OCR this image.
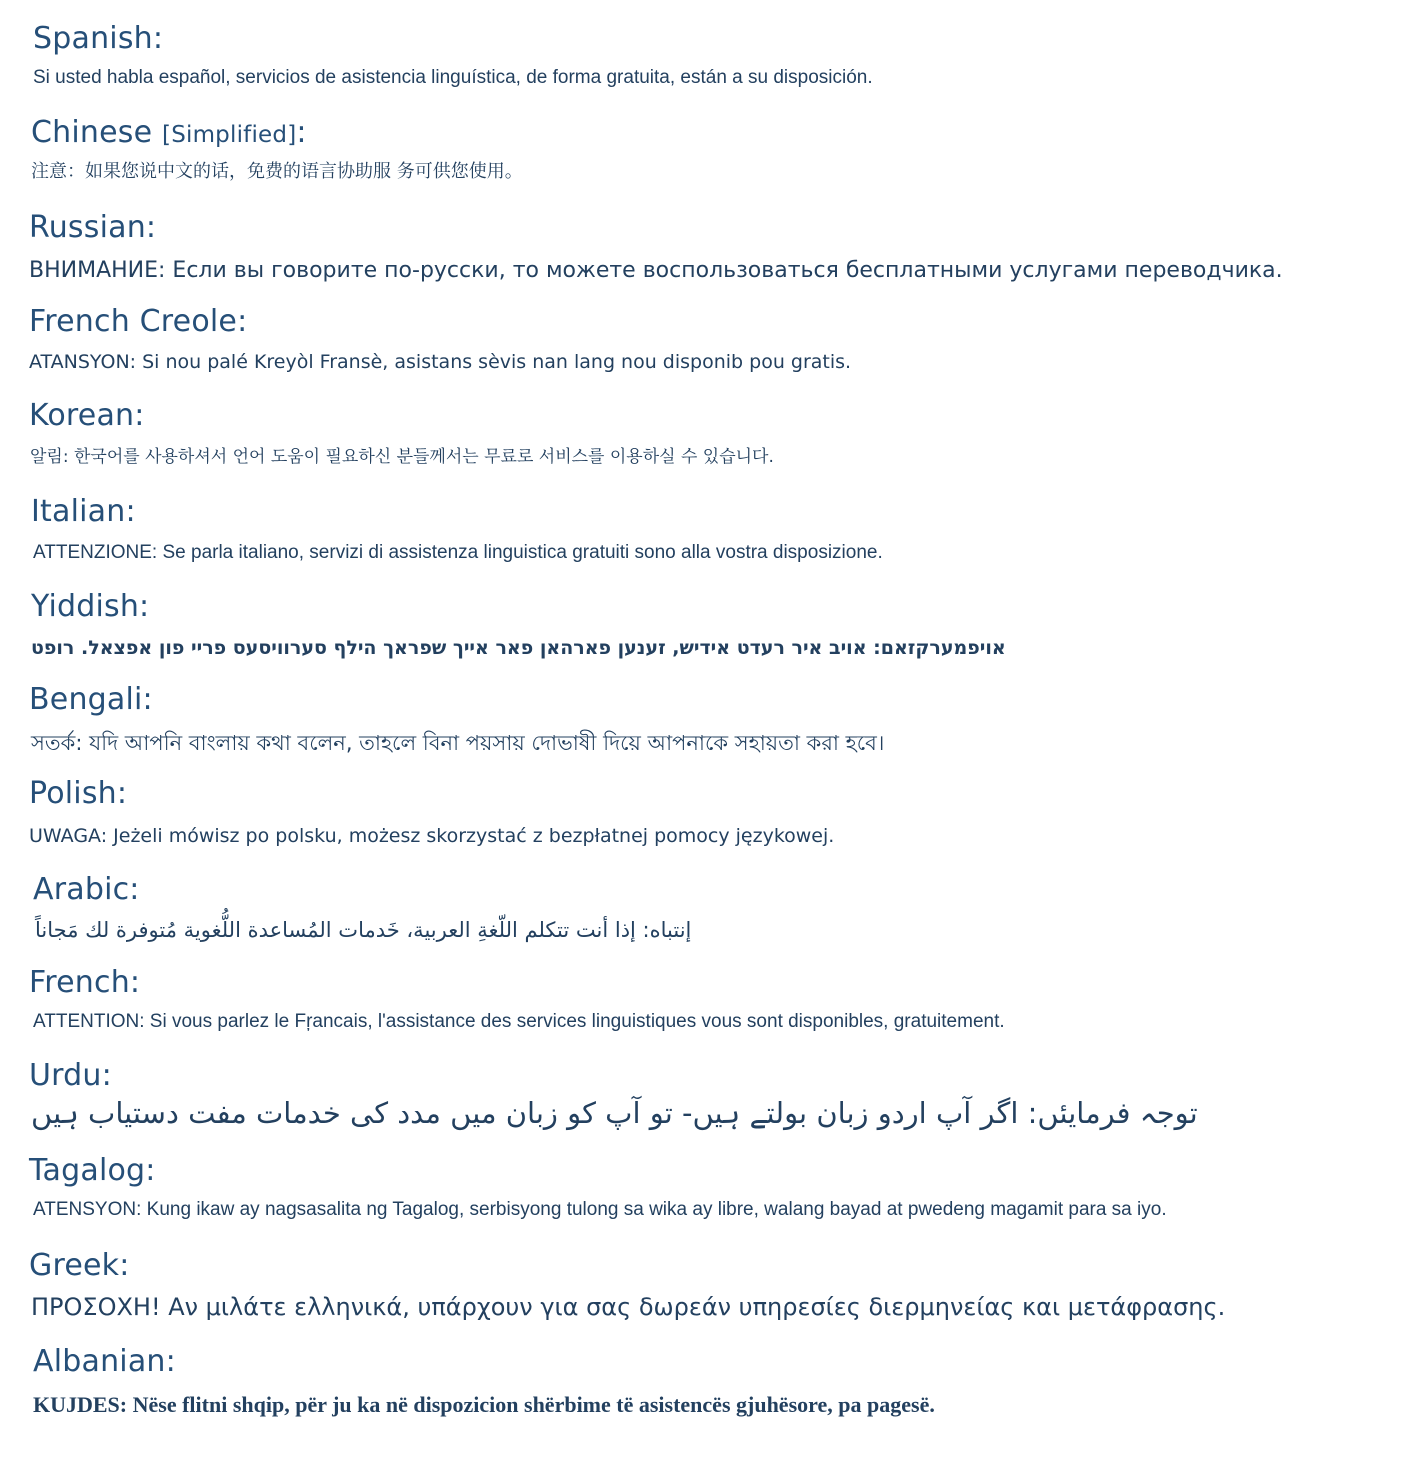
Spanish:
Si usted habla español, servicios de asistencia linguística, de forma gratuita, están a su disposición.
Chinese [Simplified]:
注意：如果您说中文的话，免费的语言协助服 务可供您使用。
Russian:
ВНИМАНИЕ: Если вы говорите по-русски, то можете воспользоваться бесплатными услугами переводчика.
French Creole:
ATANSYON: Si nou palé Kreyòl Fransè, asistans sèvis nan lang nou disponib pou gratis.
Korean:
알림: 한국어를 사용하셔서 언어 도움이 필요하신 분들께서는 무료로 서비스를 이용하실 수 있습니다.
Italian:
ATTENZIONE: Se parla italiano, servizi di assistenza linguistica gratuiti sono alla vostra disposizione.
Yiddish:
אויפמערקזאם: אויב איר רעדט אידיש, זענען פארהאן פאר אייך שפראך הילף סערוויסעס פריי פון אפצאל. רופט
Bengali:
সতর্ক: যদি আপনি বাংলায় কথা বলেন, তাহলে বিনা পয়সায় দোভাষী দিয়ে আপনাকে সহায়তা করা হবে।
Polish:
UWAGA: Jeżeli mówisz po polsku, możesz skorzystać z bezpłatnej pomocy językowej.
Arabic:
إنتباه: إذا أنت تتكلم اللّغةِ العربية، خَدمات المُساعدة اللُّغوية مُتوفرة لك مَجاناً
French:
ATTENTION: Si vous parlez le Fŗancais, l'assistance des services linguistiques vous sont disponibles, gratuitement.
Urdu:
توجہ فرمایئں: اگر آپ اردو زبان بولتے ہیں- تو آپ کو زبان میں مدد کی خدمات مفت دستیاب ہیں
Tagalog:
ATENSYON: Kung ikaw ay nagsasalita ng Tagalog, serbisyong tulong sa wika ay libre, walang bayad at pwedeng magamit para sa iyo.
Greek:
ΠΡΟΣΟΧΗ! Αν μιλάτε ελληνικά, υπάρχουν για σας δωρεάν υπηρεσίες διερμηνείας και μετάφρασης.
Albanian:
KUJDES: Nëse flitni shqip, për ju ka në dispozicion shërbime të asistencës gjuhësore, pa pagesë.
